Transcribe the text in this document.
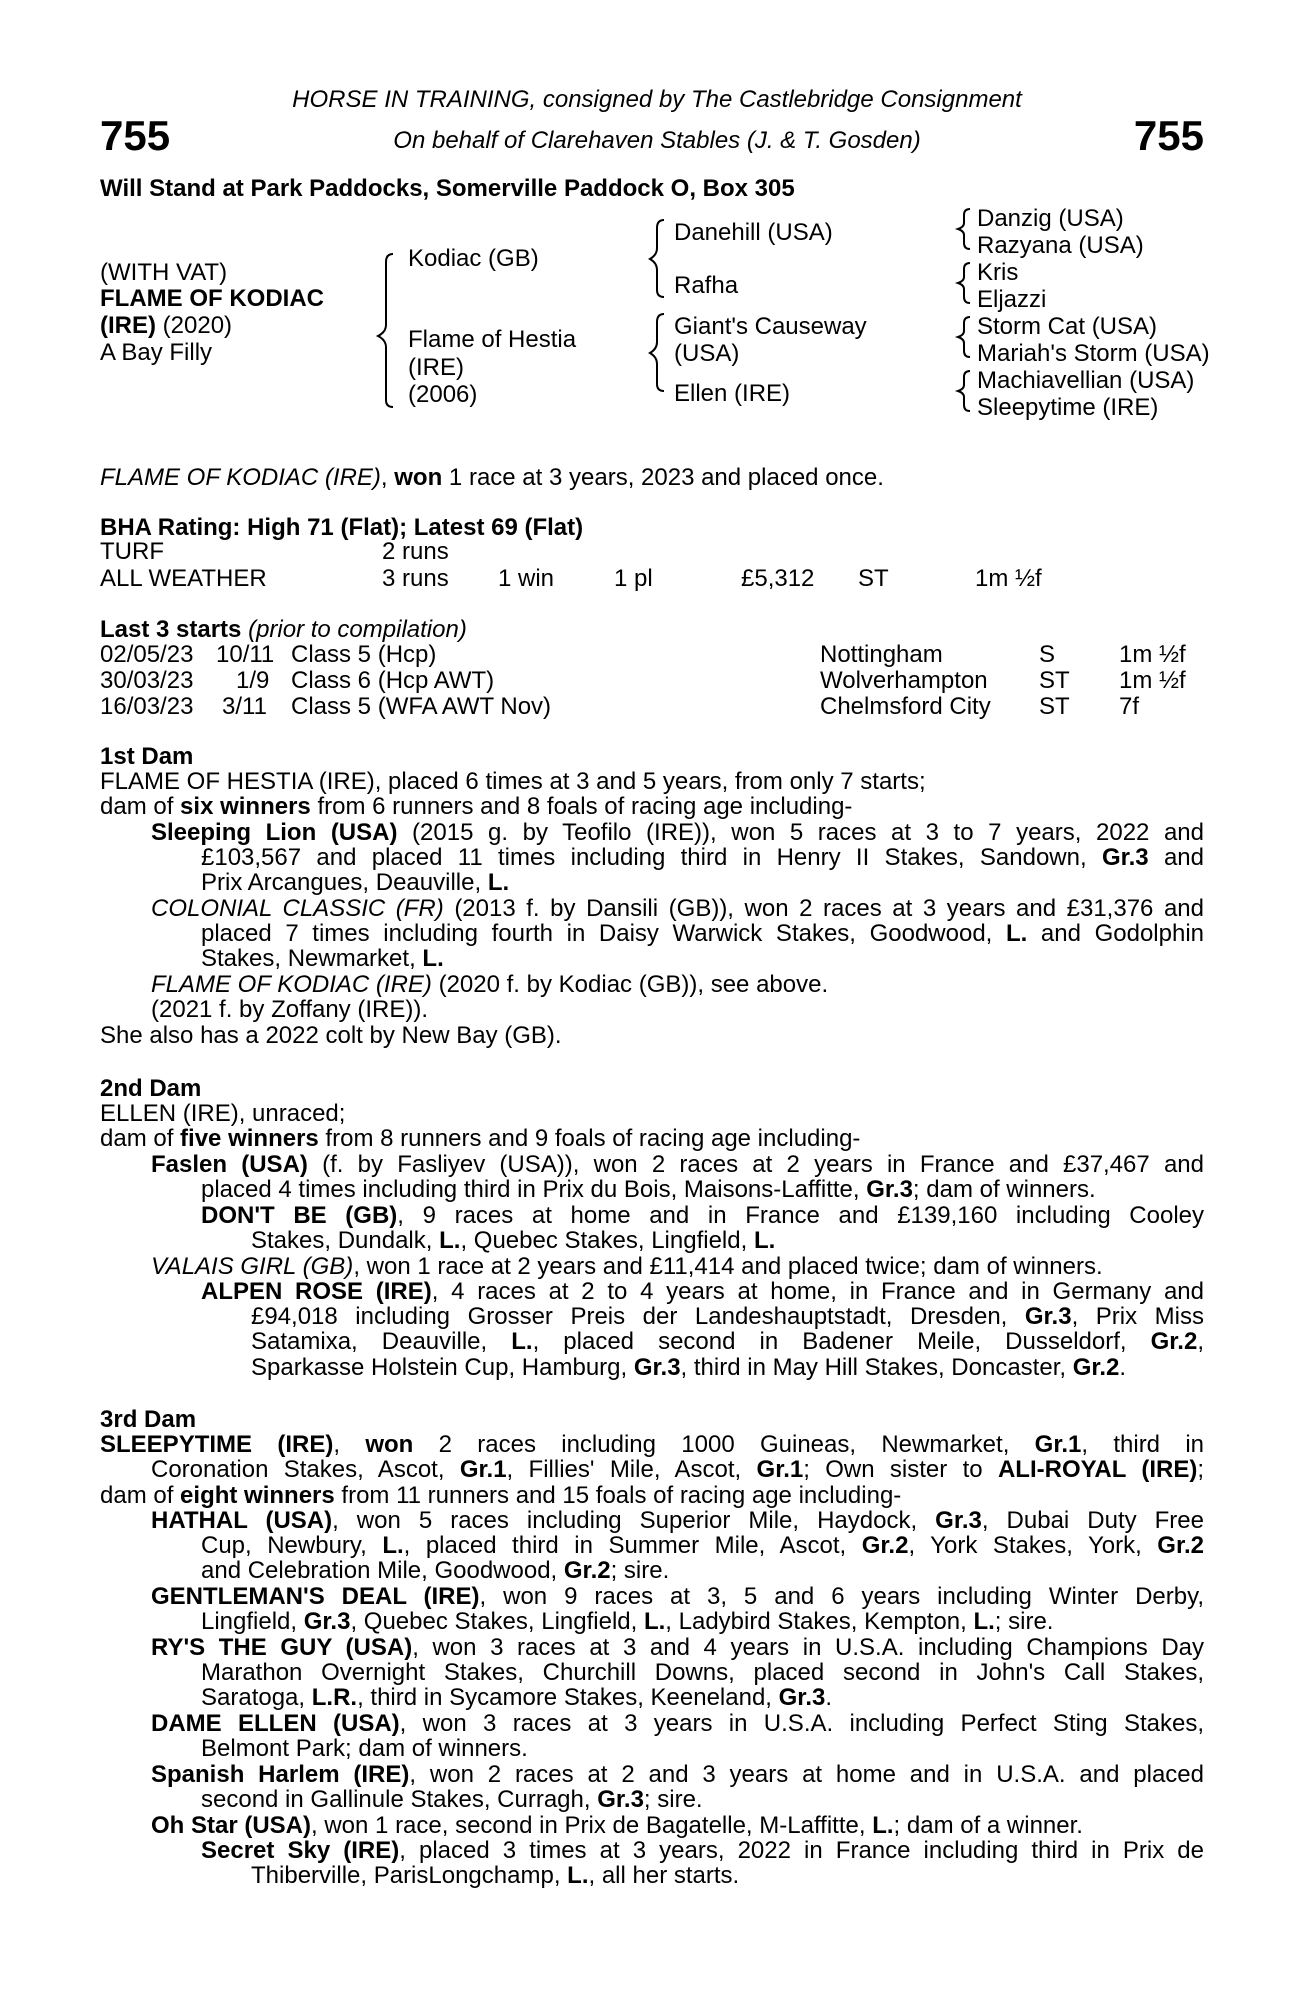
755	755
HORSE IN TRAINING, consigned by The Castlebridge Consignment
On behalf of Clarehaven Stables (J. & T. Gosden)
Will Stand at Park Paddocks, Somerville Paddock O, Box 305
(WITH VAT)
FLAME OF KODIAC
(IRE) (2020)
A Bay Filly
Kodiac (GB)
Flame of Hestia
(IRE)
(2006)
Danehill (USA)
Rafha
Giant's Causeway
(USA)
Ellen (IRE)
Danzig (USA)
Razyana (USA)
Kris
Eljazzi
Storm Cat (USA)
Mariah's Storm (USA)
Machiavellian (USA)
Sleepytime (IRE)
FLAME OF KODIAC (IRE), won 1 race at 3 years, 2023 and placed once.
BHA Rating: High 71 (Flat); Latest 69 (Flat)
TURF	2 runs
ALL WEATHER	3 runs 1 win 1 pl	£5,312 ST	1m ½f
Last 3 starts (prior to compilation)
02/05/23 10/11 Class 5 (Hcp)	Nottingham	S	1m ½f
30/03/23 1/9 Class 6 (Hcp AWT)	Wolverhampton ST 1m ½f
16/03/23 3/11 Class 5 (WFA AWT Nov)	Chelmsford City ST 7f
1st Dam
FLAME OF HESTIA (IRE), placed 6 times at 3 and 5 years, from only 7 starts;
dam of six winners from 6 runners and 8 foals of racing age including-
Sleeping Lion (USA) (2015 g. by Teofilo (IRE)), won 5 races at 3 to 7 years, 2022 and
£103,567 and placed 11 times including third in Henry II Stakes, Sandown, Gr.3 and
Prix Arcangues, Deauville, L.
COLONIAL CLASSIC (FR) (2013 f. by Dansili (GB)), won 2 races at 3 years and £31,376 and
placed 7 times including fourth in Daisy Warwick Stakes, Goodwood, L. and Godolphin
Stakes, Newmarket, L.
FLAME OF KODIAC (IRE) (2020 f. by Kodiac (GB)), see above.
(2021 f. by Zoffany (IRE)).
She also has a 2022 colt by New Bay (GB).
2nd Dam
ELLEN (IRE), unraced;
dam of five winners from 8 runners and 9 foals of racing age including-
Faslen (USA) (f. by Fasliyev (USA)), won 2 races at 2 years in France and £37,467 and
placed 4 times including third in Prix du Bois, Maisons-Laffitte, Gr.3; dam of winners.
DON'T BE (GB), 9 races at home and in France and £139,160 including Cooley
Stakes, Dundalk, L., Quebec Stakes, Lingfield, L.
VALAIS GIRL (GB), won 1 race at 2 years and £11,414 and placed twice; dam of winners.
ALPEN ROSE (IRE), 4 races at 2 to 4 years at home, in France and in Germany and
£94,018 including Grosser Preis der Landeshauptstadt, Dresden, Gr.3, Prix Miss
Satamixa, Deauville, L., placed second in Badener Meile, Dusseldorf, Gr.2,
Sparkasse Holstein Cup, Hamburg, Gr.3, third in May Hill Stakes, Doncaster, Gr.2.
3rd Dam
SLEEPYTIME (IRE), won 2 races including 1000 Guineas, Newmarket, Gr.1, third in
Coronation Stakes, Ascot, Gr.1, Fillies' Mile, Ascot, Gr.1; Own sister to ALI-ROYAL (IRE);
dam of eight winners from 11 runners and 15 foals of racing age including-
HATHAL (USA), won 5 races including Superior Mile, Haydock, Gr.3, Dubai Duty Free
Cup, Newbury, L., placed third in Summer Mile, Ascot, Gr.2, York Stakes, York, Gr.2
and Celebration Mile, Goodwood, Gr.2; sire.
GENTLEMAN'S DEAL (IRE), won 9 races at 3, 5 and 6 years including Winter Derby,
Lingfield, Gr.3, Quebec Stakes, Lingfield, L., Ladybird Stakes, Kempton, L.; sire.
RY'S THE GUY (USA), won 3 races at 3 and 4 years in U.S.A. including Champions Day
Marathon Overnight Stakes, Churchill Downs, placed second in John's Call Stakes,
Saratoga, L.R., third in Sycamore Stakes, Keeneland, Gr.3.
DAME ELLEN (USA), won 3 races at 3 years in U.S.A. including Perfect Sting Stakes,
Belmont Park; dam of winners.
Spanish Harlem (IRE), won 2 races at 2 and 3 years at home and in U.S.A. and placed
second in Gallinule Stakes, Curragh, Gr.3; sire.
Oh Star (USA), won 1 race, second in Prix de Bagatelle, M-Laffitte, L.; dam of a winner.
Secret Sky (IRE), placed 3 times at 3 years, 2022 in France including third in Prix de
Thiberville, ParisLongchamp, L., all her starts.
